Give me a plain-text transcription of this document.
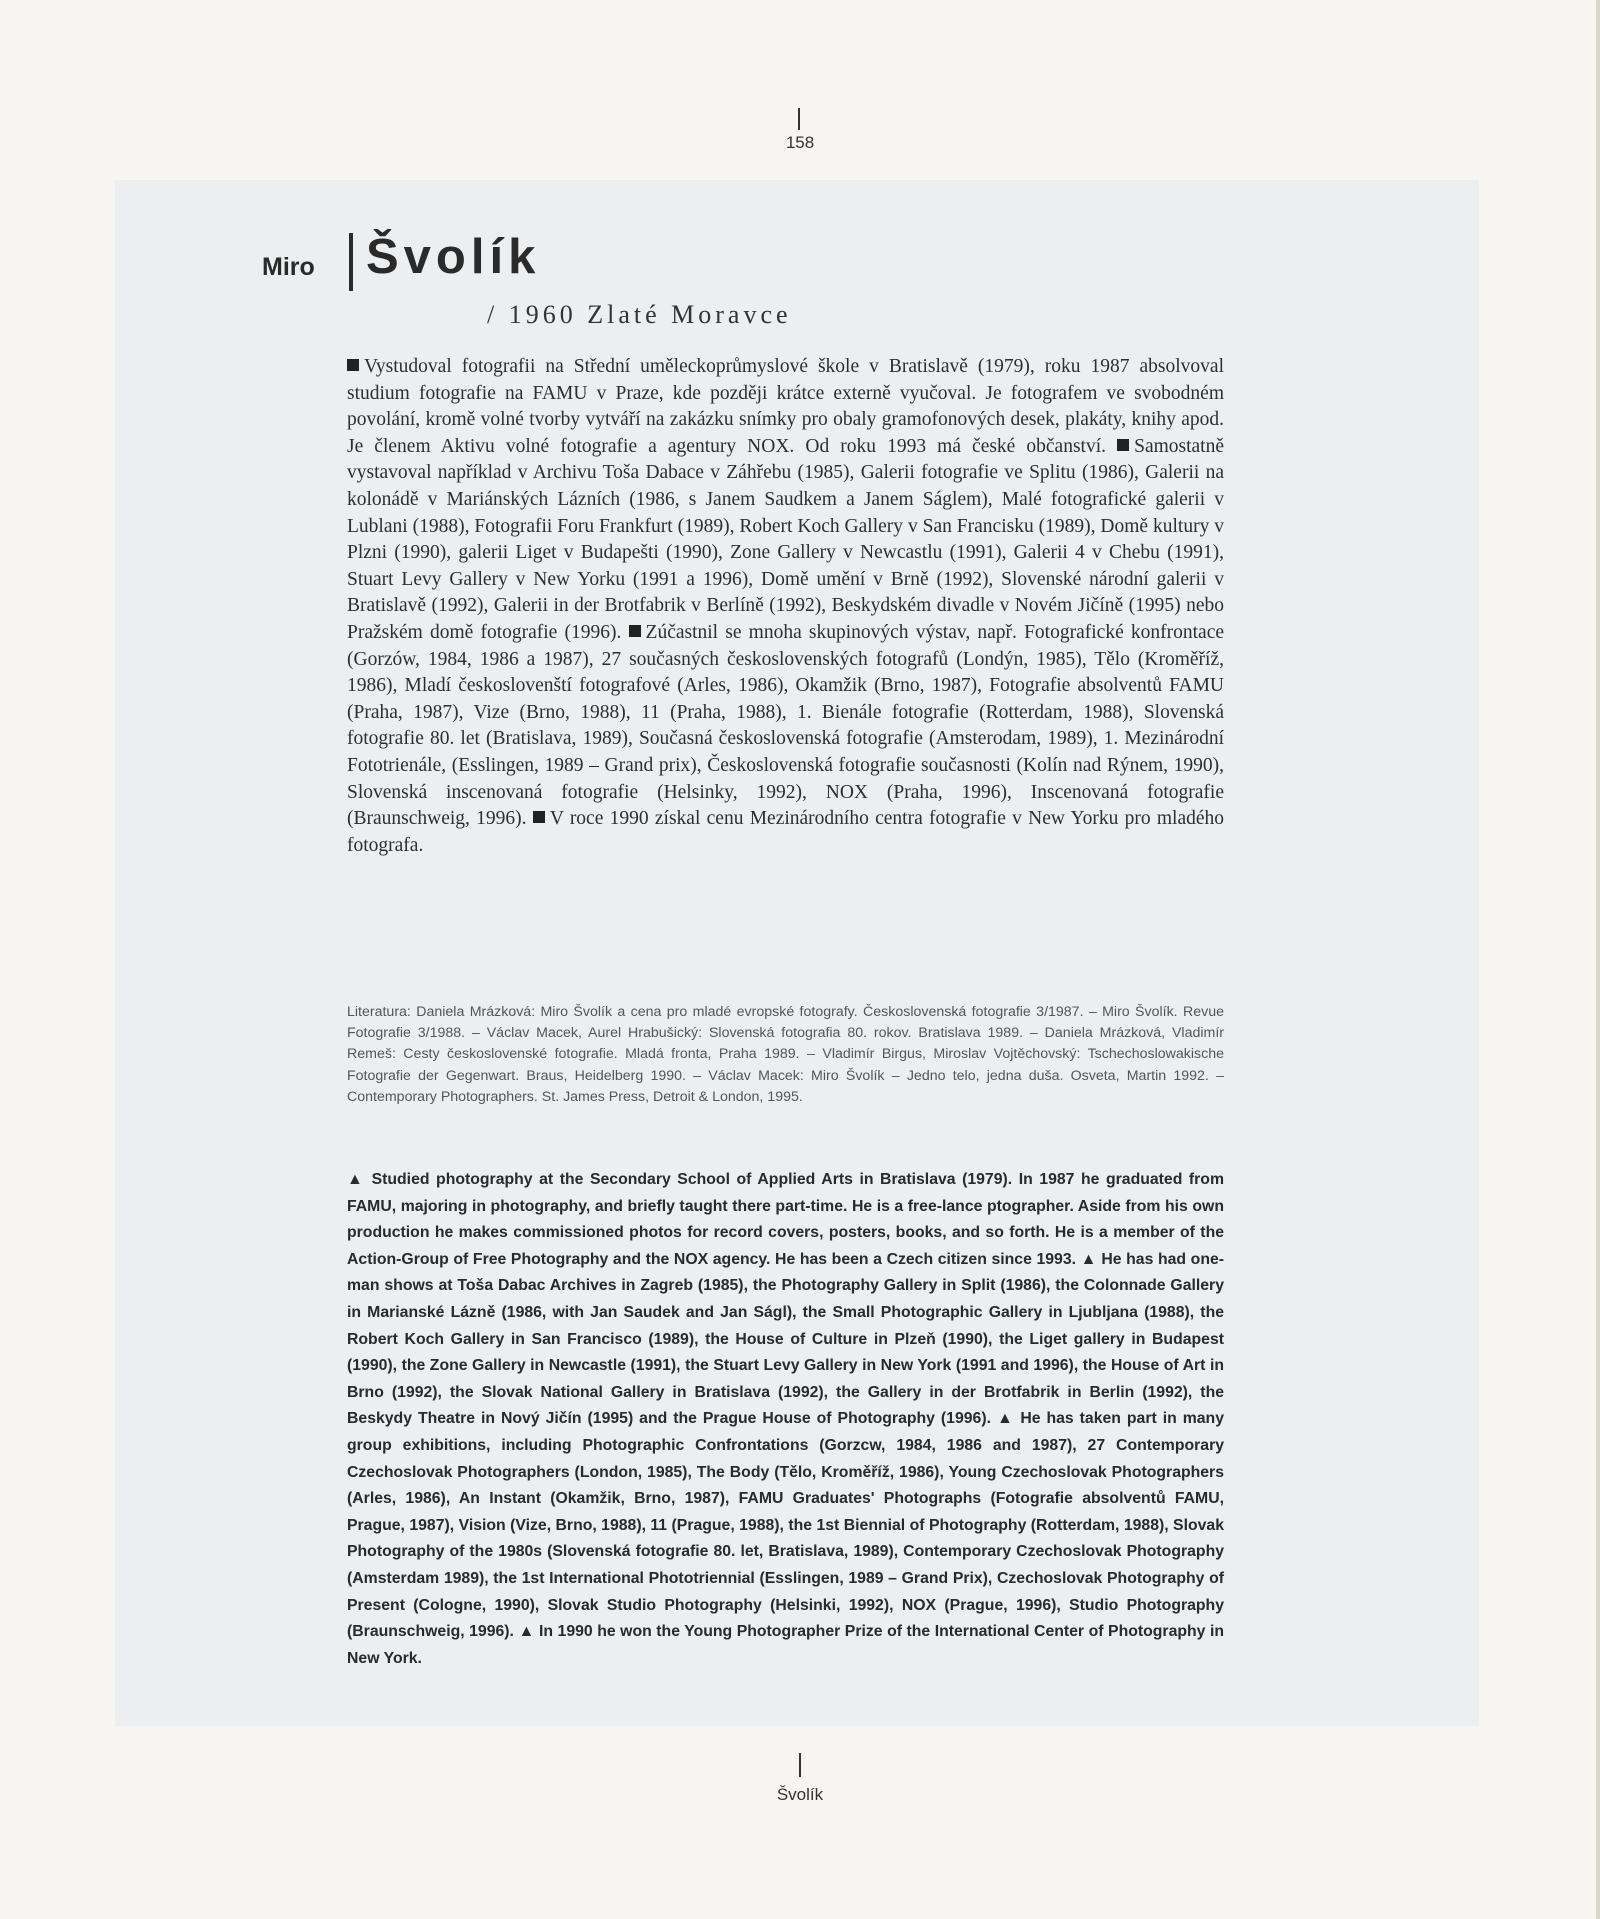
158
Miro Švolík
/ 1960 Zlaté Moravce
Vystudoval fotografii na Střední uměleckoprůmyslové škole v Bratislavě (1979), roku 1987 absolvoval studium fotografie na FAMU v Praze, kde později krátce externě vyučoval. Je fotografem ve svobodném povolání, kromě volné tvorby vytváří na zakázku snímky pro obaly gramofonových desek, plakáty, knihy apod. Je členem Aktivu volné fotografie a agentury NOX. Od roku 1993 má české občanství. Samostatně vystavoval například v Archivu Toša Dabace v Záhřebu (1985), Galerii fotografie ve Splitu (1986), Galerii na kolonádě v Mariánských Lázních (1986, s Janem Saudkem a Janem Ságlem), Malé fotografické galerii v Lublani (1988), Fotografii Foru Frankfurt (1989), Robert Koch Gallery v San Francisku (1989), Domě kultury v Plzni (1990), galerii Liget v Budapešti (1990), Zone Gallery v Newcastlu (1991), Galerii 4 v Chebu (1991), Stuart Levy Gallery v New Yorku (1991 a 1996), Domě umění v Brně (1992), Slovenské národní galerii v Bratislavě (1992), Galerii in der Brotfabrik v Berlíně (1992), Beskydském divadle v Novém Jičíně (1995) nebo Pražském domě fotografie (1996). Zúčastnil se mnoha skupinových výstav, např. Fotografické konfrontace (Gorzów, 1984, 1986 a 1987), 27 současných československých fotografů (Londýn, 1985), Tělo (Kroměříž, 1986), Mladí českoslovenští fotografové (Arles, 1986), Okamžik (Brno, 1987), Fotografie absolventů FAMU (Praha, 1987), Vize (Brno, 1988), 11 (Praha, 1988), 1. Bienále fotografie (Rotterdam, 1988), Slovenská fotografie 80. let (Bratislava, 1989), Současná československá fotografie (Amsterodam, 1989), 1. Mezinárodní Fototrienále, (Esslingen, 1989 – Grand prix), Československá fotografie současnosti (Kolín nad Rýnem, 1990), Slovenská inscenovaná fotografie (Helsinky, 1992), NOX (Praha, 1996), Inscenovaná fotografie (Braunschweig, 1996). V roce 1990 získal cenu Mezinárodního centra fotografie v New Yorku pro mladého fotografa.
Literatura: Daniela Mrázková: Miro Švolík a cena pro mladé evropské fotografy. Československá fotografie 3/1987. – Miro Švolík. Revue Fotografie 3/1988. – Václav Macek, Aurel Hrabušický: Slovenská fotografia 80. rokov. Bratislava 1989. – Daniela Mrázková, Vladimír Remeš: Cesty československé fotografie. Mladá fronta, Praha 1989. – Vladimír Birgus, Miroslav Vojtěchovský: Tschechoslowakische Fotografie der Gegenwart. Braus, Heidelberg 1990. – Václav Macek: Miro Švolík – Jedno telo, jedna duša. Osveta, Martin 1992. – Contemporary Photographers. St. James Press, Detroit & London, 1995.
▲ Studied photography at the Secondary School of Applied Arts in Bratislava (1979). In 1987 he graduated from FAMU, majoring in photography, and briefly taught there part-time. He is a free-lance ptographer. Aside from his own production he makes commissioned photos for record covers, posters, books, and so forth. He is a member of the Action-Group of Free Photography and the NOX agency. He has been a Czech citizen since 1993. ▲ He has had one-man shows at Toša Dabac Archives in Zagreb (1985), the Photography Gallery in Split (1986), the Colonnade Gallery in Marianské Lázně (1986, with Jan Saudek and Jan Ságl), the Small Photographic Gallery in Ljubljana (1988), the Robert Koch Gallery in San Francisco (1989), the House of Culture in Plzeň (1990), the Liget gallery in Budapest (1990), the Zone Gallery in Newcastle (1991), the Stuart Levy Gallery in New York (1991 and 1996), the House of Art in Brno (1992), the Slovak National Gallery in Bratislava (1992), the Gallery in der Brotfabrik in Berlin (1992), the Beskydy Theatre in Nový Jičín (1995) and the Prague House of Photography (1996). ▲ He has taken part in many group exhibitions, including Photographic Confrontations (Gorzcw, 1984, 1986 and 1987), 27 Contemporary Czechoslovak Photographers (London, 1985), The Body (Tělo, Kroměříž, 1986), Young Czechoslovak Photographers (Arles, 1986), An Instant (Okamžik, Brno, 1987), FAMU Graduates' Photographs (Fotografie absolventů FAMU, Prague, 1987), Vision (Vize, Brno, 1988), 11 (Prague, 1988), the 1st Biennial of Photography (Rotterdam, 1988), Slovak Photography of the 1980s (Slovenská fotografie 80. let, Bratislava, 1989), Contemporary Czechoslovak Photography (Amsterdam 1989), the 1st International Phototriennial (Esslingen, 1989 – Grand Prix), Czechoslovak Photography of Present (Cologne, 1990), Slovak Studio Photography (Helsinki, 1992), NOX (Prague, 1996), Studio Photography (Braunschweig, 1996). ▲ In 1990 he won the Young Photographer Prize of the International Center of Photography in New York.
Švolík
